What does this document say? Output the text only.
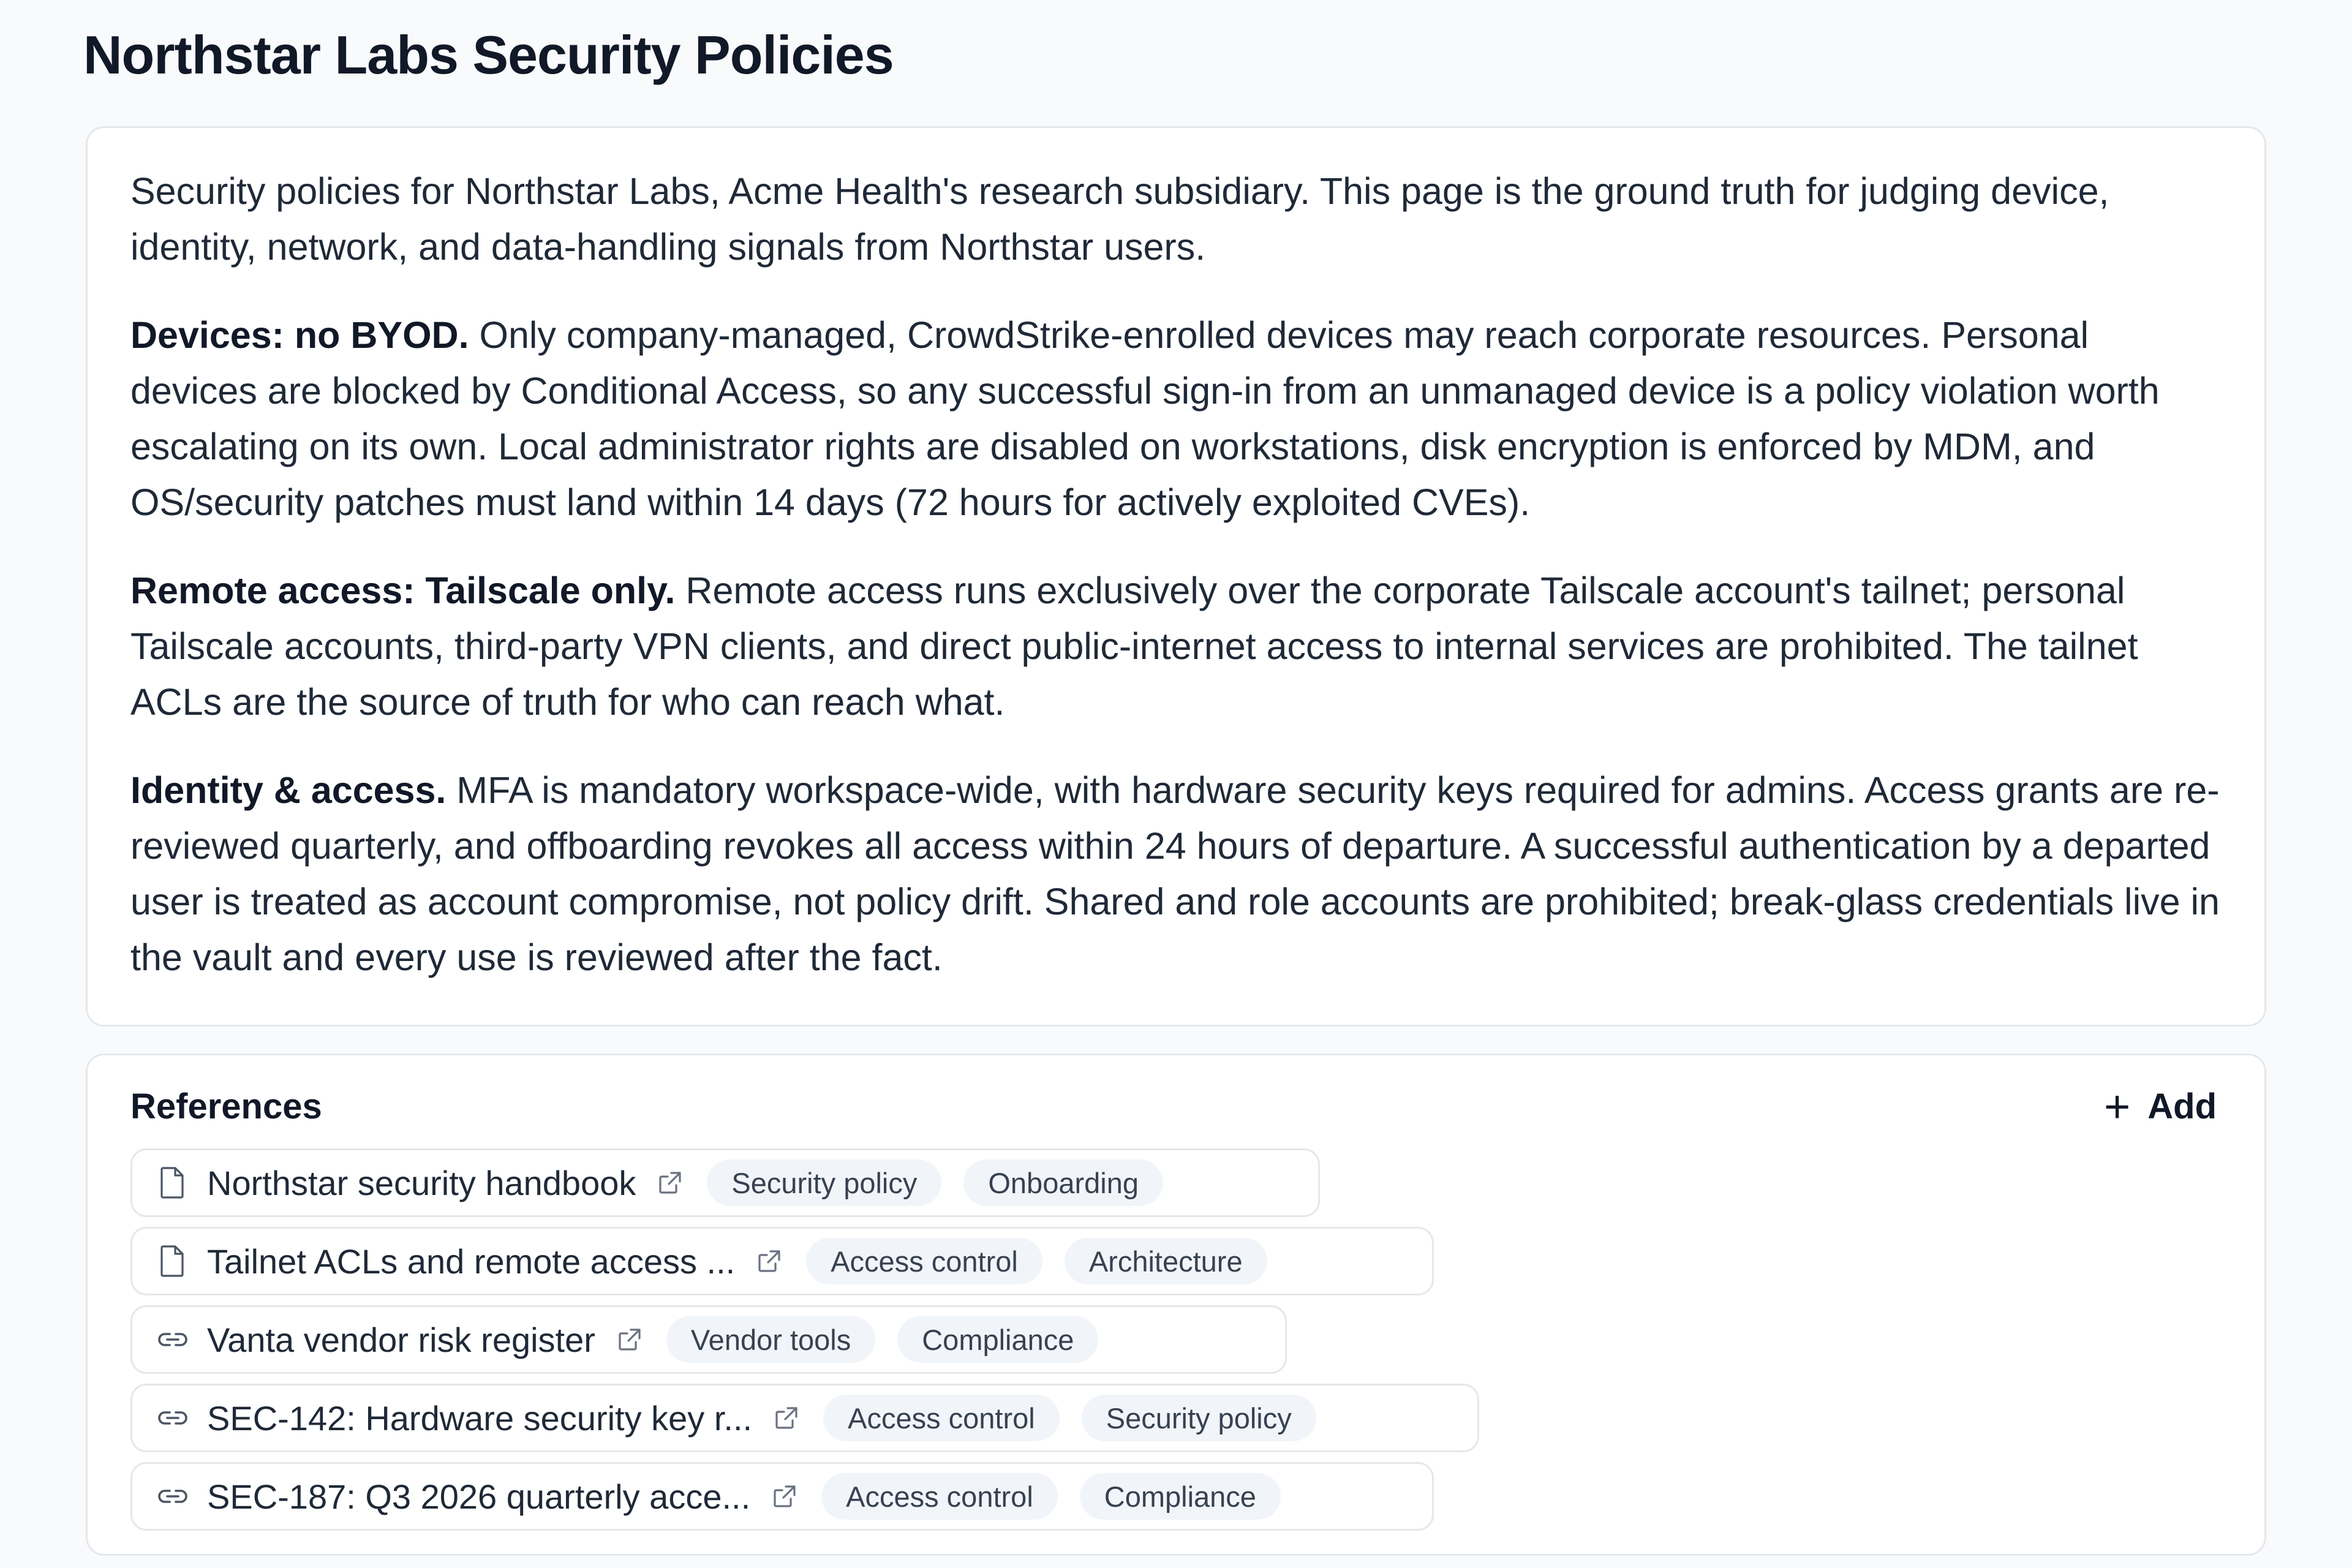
Northstar Labs Security Policies

Security policies for Northstar Labs, Acme Health's research subsidiary. This page is the ground truth for judging device, identity, network, and data-handling signals from Northstar users.

Devices: no BYOD. Only company-managed, CrowdStrike-enrolled devices may reach corporate resources. Personal devices are blocked by Conditional Access, so any successful sign-in from an unmanaged device is a policy violation worth escalating on its own. Local administrator rights are disabled on workstations, disk encryption is enforced by MDM, and OS/security patches must land within 14 days (72 hours for actively exploited CVEs).

Remote access: Tailscale only. Remote access runs exclusively over the corporate Tailscale account's tailnet; personal Tailscale accounts, third-party VPN clients, and direct public-internet access to internal services are prohibited. The tailnet ACLs are the source of truth for who can reach what.

Identity & access. MFA is mandatory workspace-wide, with hardware security keys required for admins. Access grants are re-reviewed quarterly, and offboarding revokes all access within 24 hours of departure. A successful authentication by a departed user is treated as account compromise, not policy drift. Shared and role accounts are prohibited; break-glass credentials live in the vault and every use is reviewed after the fact.

References	+ Add
Northstar security handbook	Security policy	Onboarding
Tailnet ACLs and remote access ...	Access control	Architecture
Vanta vendor risk register	Vendor tools	Compliance
SEC-142: Hardware security key r...	Access control	Security policy
SEC-187: Q3 2026 quarterly acce...	Access control	Compliance
